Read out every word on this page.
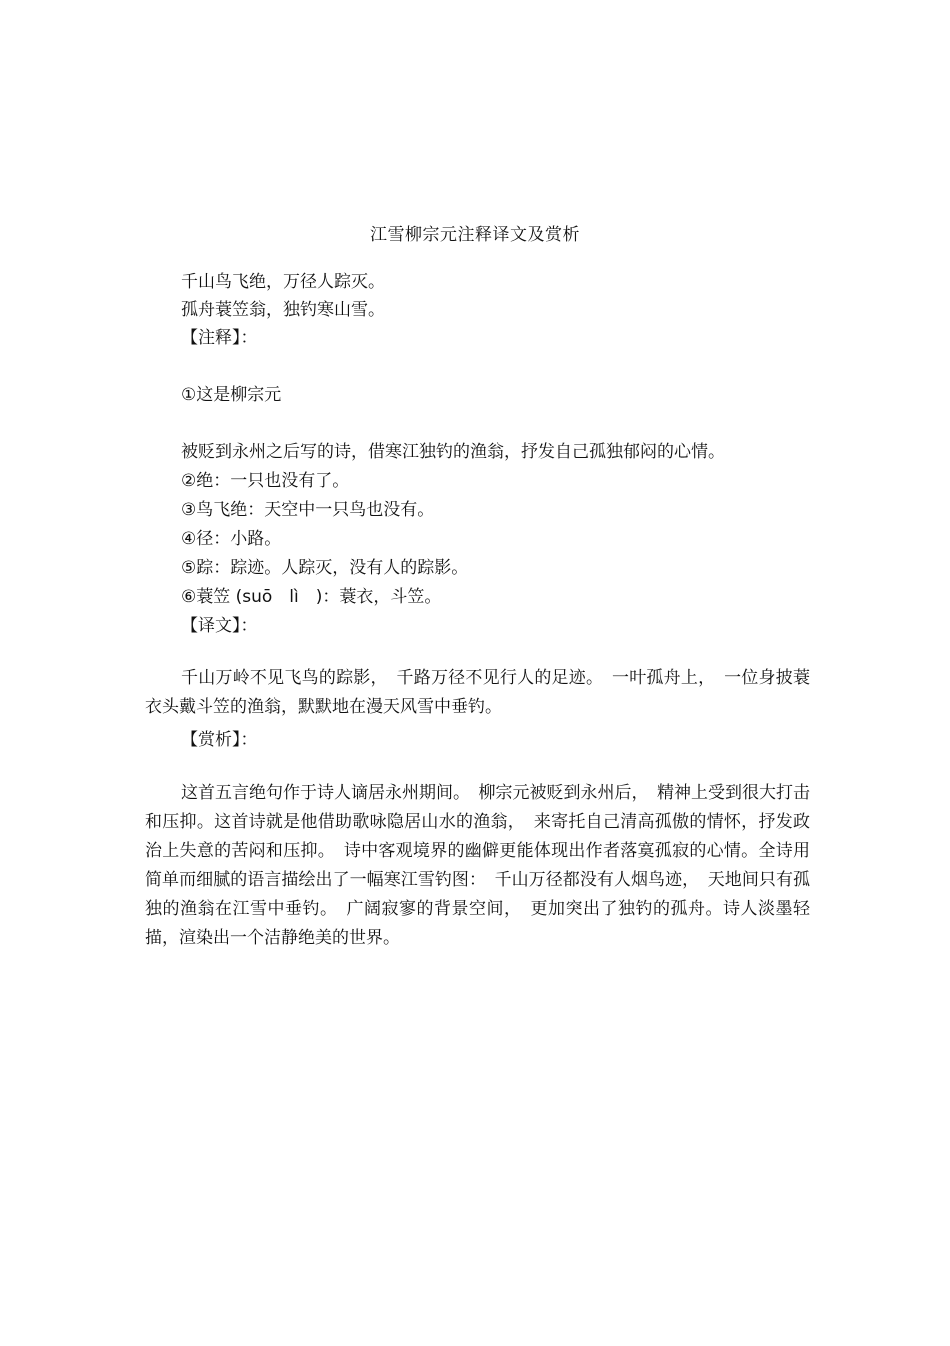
江雪柳宗元注释译文及赏析
千山鸟飞绝，万径人踪灭。
孤舟蓑笠翁，独钓寒山雪。
【注释】：
①这是柳宗元
被贬到永州之后写的诗，借寒江独钓的渔翁，抒发自己孤独郁闷的心情。
②绝：一只也没有了。
③鸟飞绝：天空中一只鸟也没有。
④径：小路。
⑤踪：踪迹。人踪灭，没有人的踪影。
⑥蓑笠 (suō　lì　)：蓑衣，斗笠。
【译文】：
千山万岭不见飞鸟的踪影，　千路万径不见行人的足迹。　一叶孤舟上，　一位身披蓑衣头戴斗笠的渔翁，默默地在漫天风雪中垂钓。
【赏析】：
这首五言绝句作于诗人谪居永州期间。　柳宗元被贬到永州后，　精神上受到很大打击和压抑。这首诗就是他借助歌咏隐居山水的渔翁，　来寄托自己清高孤傲的情怀，抒发政治上失意的苦闷和压抑。　诗中客观境界的幽僻更能体现出作者落寞孤寂的心情。全诗用简单而细腻的语言描绘出了一幅寒江雪钓图：　千山万径都没有人烟鸟迹，　天地间只有孤独的渔翁在江雪中垂钓。　广阔寂寥的背景空间，　更加突出了独钓的孤舟。诗人淡墨轻描，渲染出一个洁静绝美的世界。
